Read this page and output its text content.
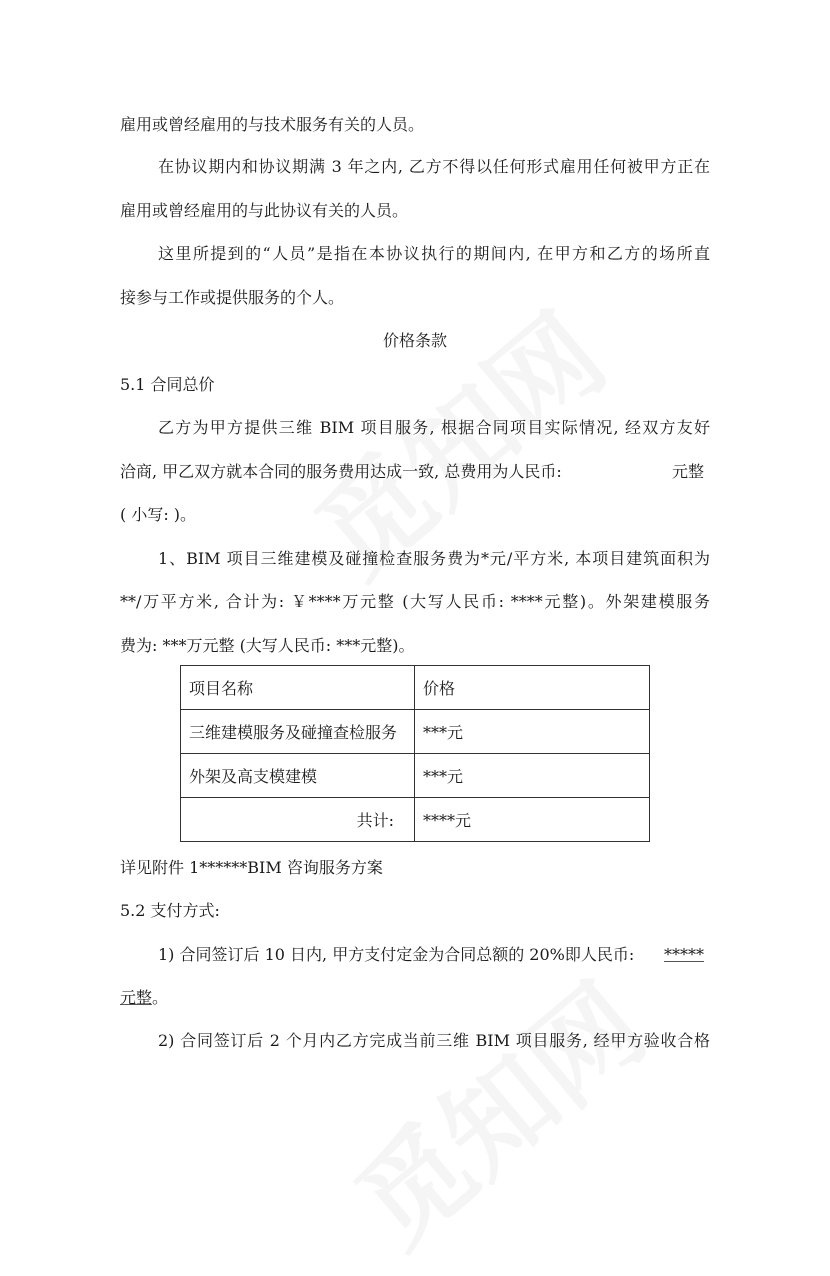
雇用或曾经雇用的与技术服务有关的人员。
在协议期内和协议期满 3 年之内, 乙方不得以任何形式雇用任何被甲方正在
雇用或曾经雇用的与此协议有关的人员。
这里所提到的“人员”是指在本协议执行的期间内, 在甲方和乙方的场所直
接参与工作或提供服务的个人。
价格条款
5.1 合同总价
乙方为甲方提供三维 BIM 项目服务, 根据合同项目实际情况, 经双方友好
洽商, 甲乙双方就本合同的服务费用达成一致, 总费用为人民币:	元整
( 小写: )。
1、BIM 项目三维建模及碰撞检查服务费为*元/平方米, 本项目建筑面积为
**/万平方米, 合计为: ￥****万元整 (大写人民币: ****元整)。外架建模服务
费为: ***万元整 (大写人民币: ***元整)。
项目名称	价格
三维建模服务及碰撞查检服务	***元
外架及高支模建模	***元
共计:	****元
详见附件 1******BIM 咨询服务方案
5.2 支付方式:
1) 合同签订后 10 日内, 甲方支付定金为合同总额的 20%即人民币: *****
元整。
2) 合同签订后 2 个月内乙方完成当前三维 BIM 项目服务, 经甲方验收合格
